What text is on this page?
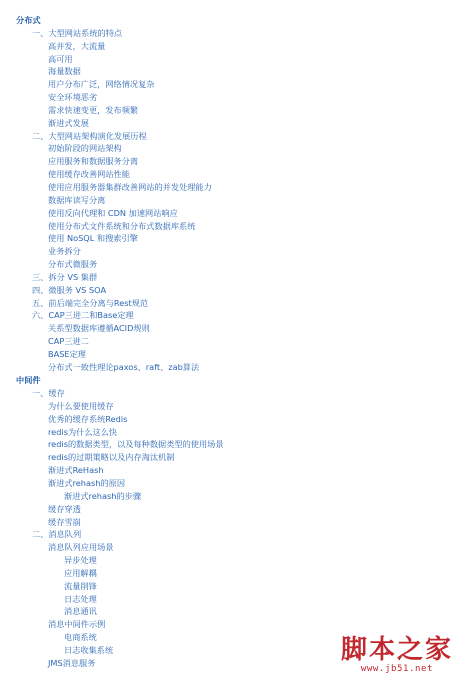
分布式
一、大型网站系统的特点
高并发，大流量
高可用
海量数据
用户分布广泛，网络情况复杂
安全环境恶劣
需求快速变更，发布频繁
渐进式发展
二、大型网站架构演化发展历程
初始阶段的网站架构
应用服务和数据服务分离
使用缓存改善网站性能
使用应用服务器集群改善网站的并发处理能力
数据库读写分离
使用反向代理和 CDN 加速网站响应
使用分布式文件系统和分布式数据库系统
使用 NoSQL 和搜索引擎
业务拆分
分布式微服务
三、拆分 VS 集群
四、微服务 VS SOA
五、前后端完全分离与Rest规范
六、CAP三进二和Base定理
关系型数据库遵循ACID规则
CAP三进二
BASE定理
分布式一致性理论paxos、raft、zab算法
中间件
一、缓存
为什么要使用缓存
优秀的缓存系统Redis
redis为什么这么快
redis的数据类型，以及每种数据类型的使用场景
redis的过期策略以及内存淘汰机制
渐进式ReHash
渐进式rehash的原因
渐进式rehash的步骤
缓存穿透
缓存雪崩
二、消息队列
消息队列应用场景
异步处理
应用解耦
流量削锋
日志处理
消息通讯
消息中间件示例
电商系统
日志收集系统
JMS消息服务	脚本之家
www.jb51.net
